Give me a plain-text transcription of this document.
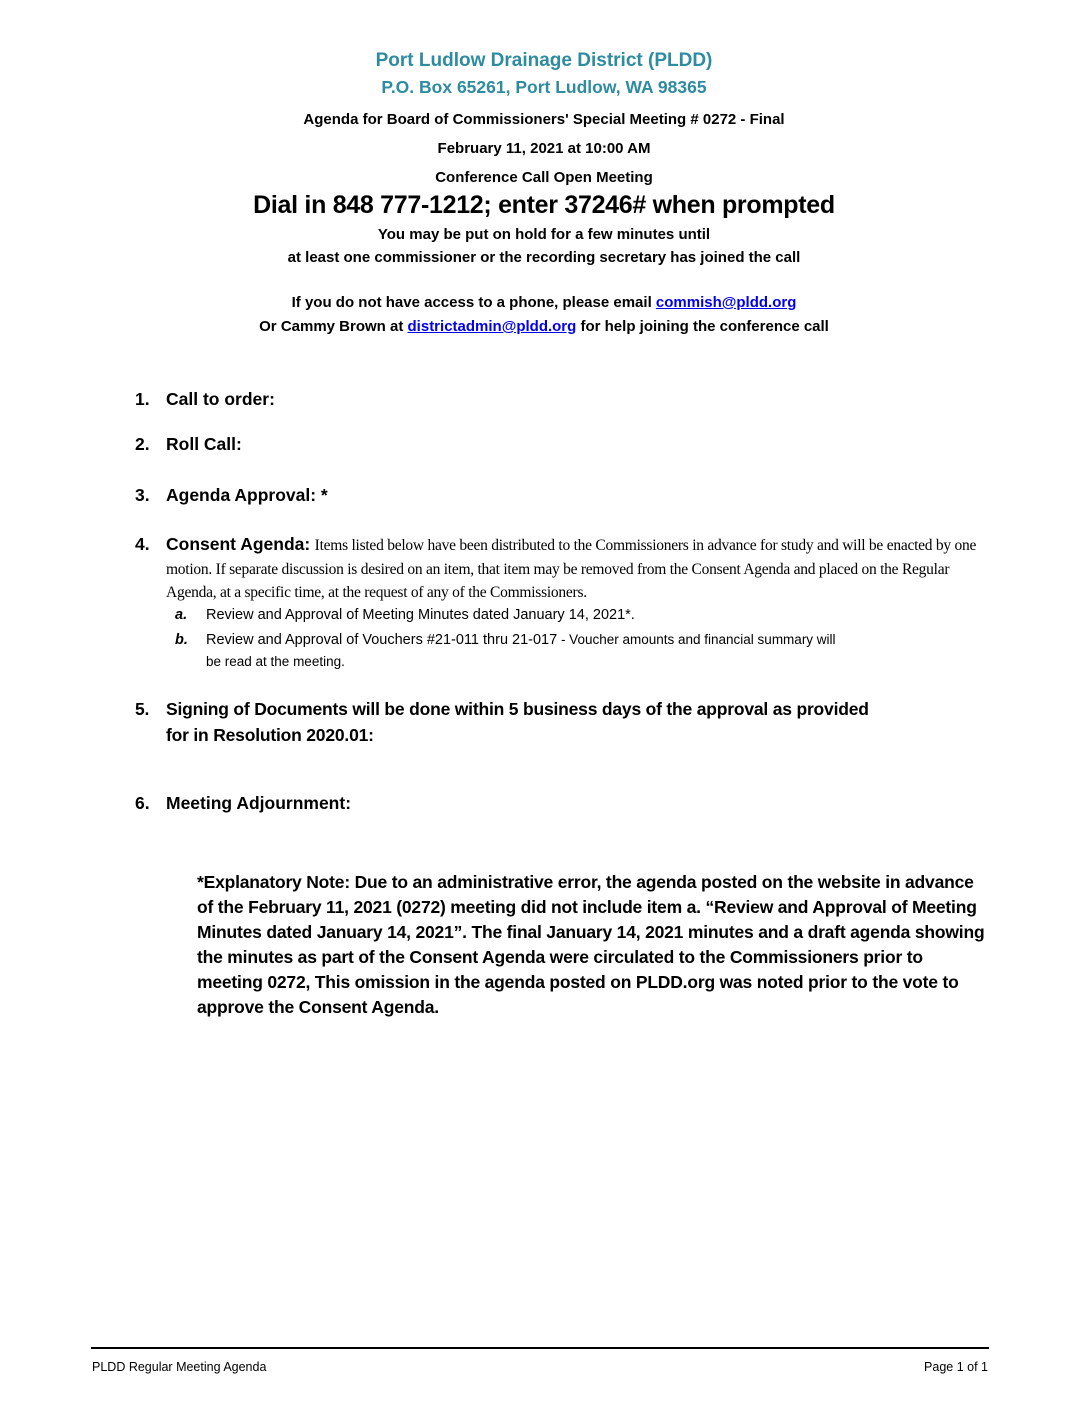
Port Ludlow Drainage District (PLDD)
P.O. Box 65261, Port Ludlow, WA 98365
Agenda for Board of Commissioners' Special Meeting # 0272 - Final
February 11, 2021 at 10:00 AM
Conference Call Open Meeting
Dial in 848 777-1212; enter 37246# when prompted
You may be put on hold for a few minutes until
at least one commissioner or the recording secretary has joined the call
If you do not have access to a phone, please email commish@pldd.org
Or Cammy Brown at districtadmin@pldd.org for help joining the conference call
1. Call to order:
2. Roll Call:
3. Agenda Approval: *
4. Consent Agenda: Items listed below have been distributed to the Commissioners in advance for study and will be enacted by one motion. If separate discussion is desired on an item, that item may be removed from the Consent Agenda and placed on the Regular Agenda, at a specific time, at the request of any of the Commissioners.
a. Review and Approval of Meeting Minutes dated January 14, 2021*.
b. Review and Approval of Vouchers #21-011 thru 21-017 - Voucher amounts and financial summary will
be read at the meeting.
5. Signing of Documents will be done within 5 business days of the approval as provided
for in Resolution 2020.01:
6. Meeting Adjournment:
*Explanatory Note: Due to an administrative error, the agenda posted on the website in advance of the February 11, 2021 (0272) meeting did not include item a. “Review and Approval of Meeting Minutes dated January 14, 2021”. The final January 14, 2021 minutes and a draft agenda showing the minutes as part of the Consent Agenda were circulated to the Commissioners prior to meeting 0272, This omission in the agenda posted on PLDD.org was noted prior to the vote to approve the Consent Agenda.
PLDD Regular Meeting Agenda	Page 1 of 1
